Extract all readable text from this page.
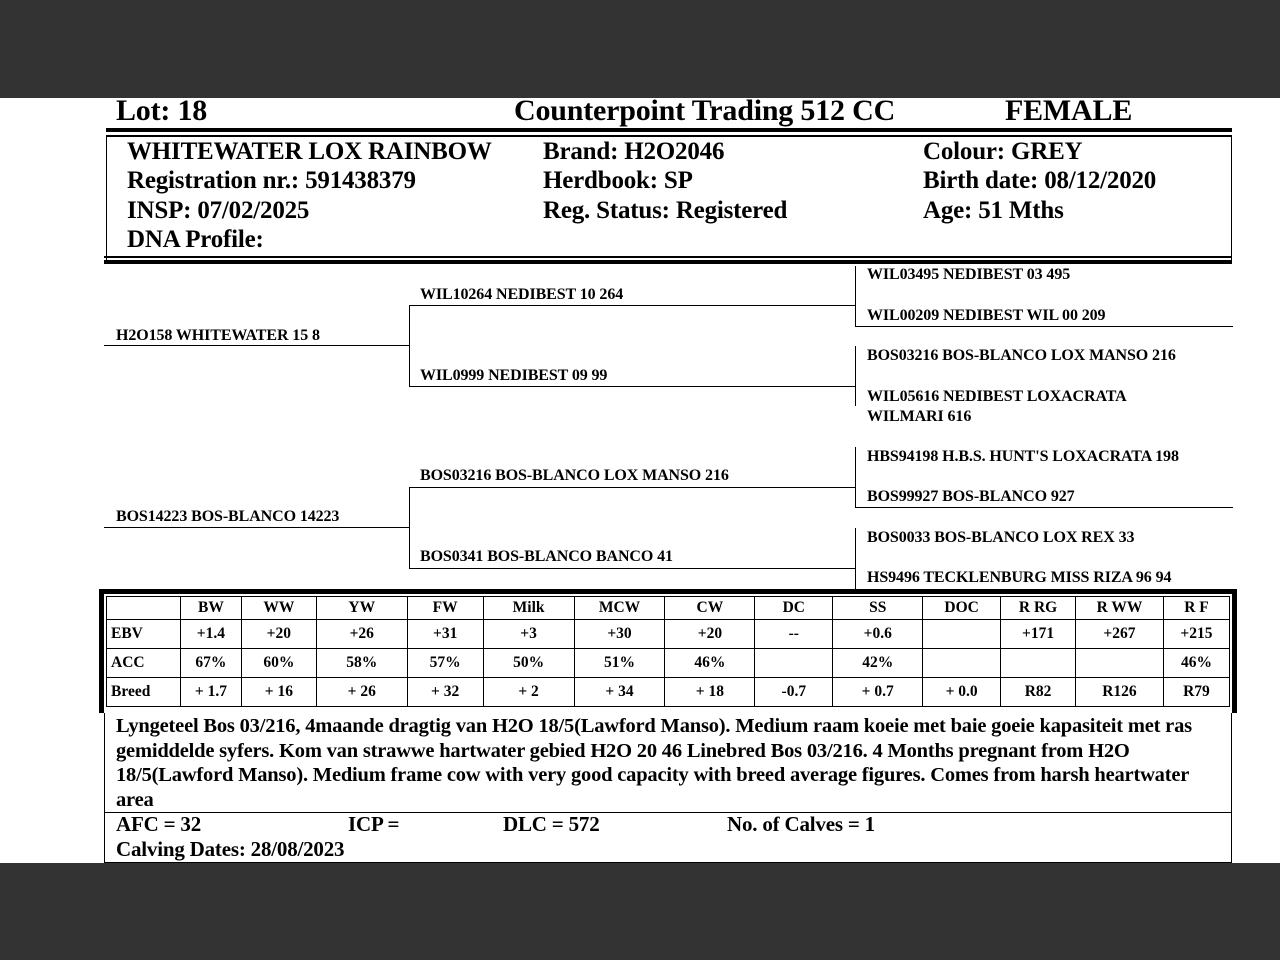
Lot: 18	Counterpoint Trading 512 CC	FEMALE
WHITEWATER LOX RAINBOW
Registration nr.: 591438379
INSP: 07/02/2025
DNA Profile:
Brand: H2O2046
Herdbook: SP
Reg. Status: Registered
Colour: GREY
Birth date: 08/12/2020
Age: 51 Mths
H2O158 WHITEWATER 15 8
BOS14223 BOS-BLANCO 14223
WIL10264 NEDIBEST 10 264
WIL0999 NEDIBEST 09 99
BOS03216 BOS-BLANCO LOX MANSO 216
BOS0341 BOS-BLANCO BANCO 41
WIL03495 NEDIBEST 03 495
WIL00209 NEDIBEST WIL 00 209
BOS03216 BOS-BLANCO LOX MANSO 216
WIL05616 NEDIBEST LOXACRATA
WILMARI 616
HBS94198 H.B.S. HUNT'S LOXACRATA 198
BOS99927 BOS-BLANCO 927
BOS0033 BOS-BLANCO LOX REX 33
HS9496 TECKLENBURG MISS RIZA 96 94
	BW	WW	YW	FW	Milk	MCW	CW	DC	SS	DOC	R RG	R WW	R F
EBV	+1.4	+20	+26	+31	+3	+30	+20	--	+0.6		+171	+267	+215
ACC	67%	60%	58%	57%	50%	51%	46%		42%				46%
Breed	+ 1.7	+ 16	+ 26	+ 32	+ 2	+ 34	+ 18	-0.7	+ 0.7	+ 0.0	R82	R126	R79
Lyngeteel Bos 03/216, 4maande dragtig van H2O 18/5(Lawford Manso). Medium raam koeie met baie goeie kapasiteit met ras gemiddelde syfers. Kom van strawwe hartwater gebied H2O 20 46 Linebred Bos 03/216. 4 Months pregnant from H2O 18/5(Lawford Manso). Medium frame cow with very good capacity with breed average figures. Comes from harsh heartwater area
AFC = 32	ICP =	DLC = 572	No. of Calves = 1
Calving Dates: 28/08/2023
